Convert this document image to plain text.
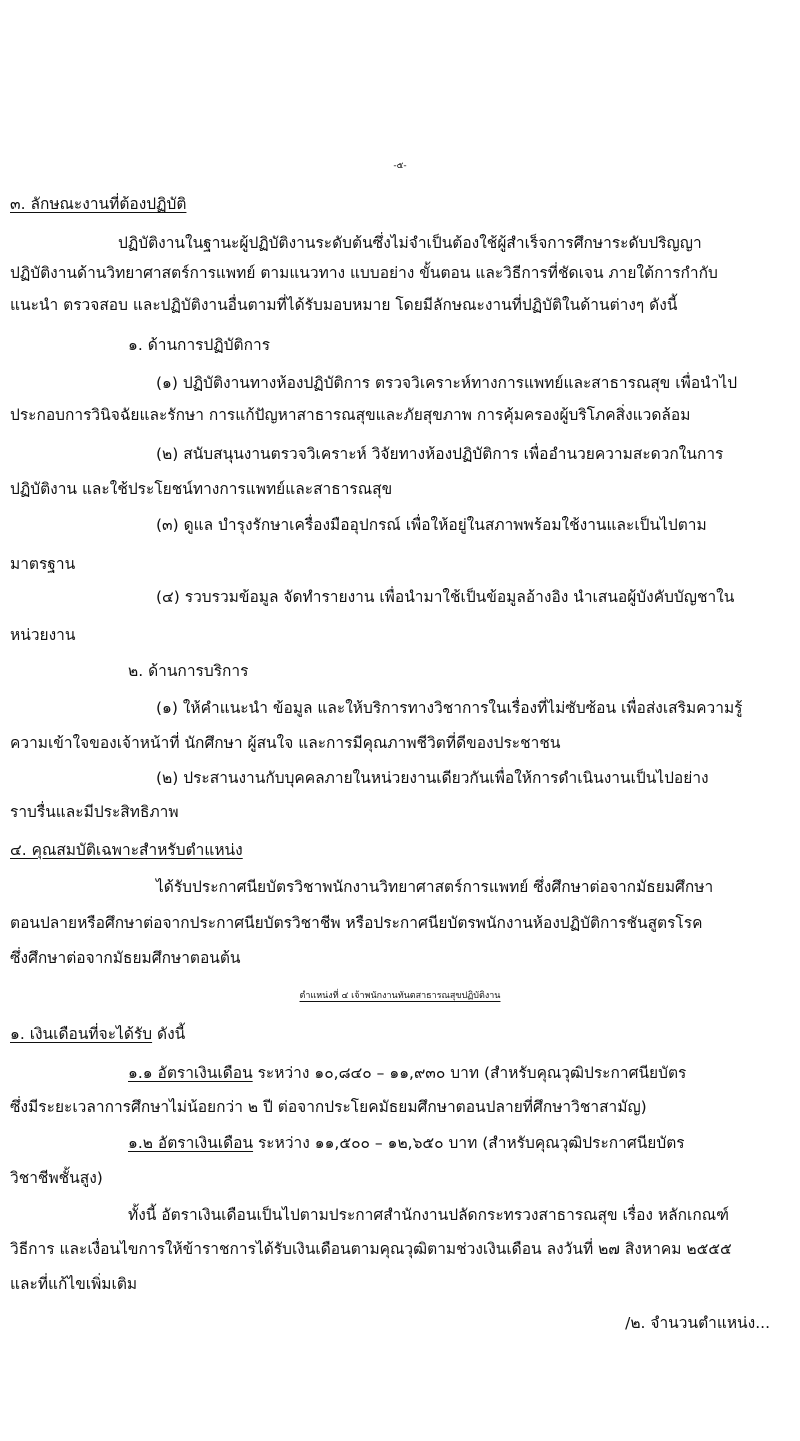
-๕-
๓. ลักษณะงานที่ต้องปฏิบัติ
ปฏิบัติงานในฐานะผู้ปฏิบัติงานระดับต้นซึ่งไม่จำเป็นต้องใช้ผู้สำเร็จการศึกษาระดับปริญญา
ปฏิบัติงานด้านวิทยาศาสตร์การแพทย์ ตามแนวทาง แบบอย่าง ขั้นตอน และวิธีการที่ชัดเจน ภายใต้การกำกับ
แนะนำ ตรวจสอบ และปฏิบัติงานอื่นตามที่ได้รับมอบหมาย โดยมีลักษณะงานที่ปฏิบัติในด้านต่างๆ ดังนี้
๑. ด้านการปฏิบัติการ
(๑) ปฏิบัติงานทางห้องปฏิบัติการ ตรวจวิเคราะห์ทางการแพทย์และสาธารณสุข เพื่อนำไป
ประกอบการวินิจฉัยและรักษา การแก้ปัญหาสาธารณสุขและภัยสุขภาพ การคุ้มครองผู้บริโภคสิ่งแวดล้อม
(๒) สนับสนุนงานตรวจวิเคราะห์ วิจัยทางห้องปฏิบัติการ เพื่ออำนวยความสะดวกในการ
ปฏิบัติงาน และใช้ประโยชน์ทางการแพทย์และสาธารณสุข
(๓) ดูแล บำรุงรักษาเครื่องมืออุปกรณ์ เพื่อให้อยู่ในสภาพพร้อมใช้งานและเป็นไปตาม
มาตรฐาน
(๔) รวบรวมข้อมูล จัดทำรายงาน เพื่อนำมาใช้เป็นข้อมูลอ้างอิง นำเสนอผู้บังคับบัญชาใน
หน่วยงาน
๒. ด้านการบริการ
(๑) ให้คำแนะนำ ข้อมูล และให้บริการทางวิชาการในเรื่องที่ไม่ซับซ้อน เพื่อส่งเสริมความรู้
ความเข้าใจของเจ้าหน้าที่ นักศึกษา ผู้สนใจ และการมีคุณภาพชีวิตที่ดีของประชาชน
(๒) ประสานงานกับบุคคลภายในหน่วยงานเดียวกันเพื่อให้การดำเนินงานเป็นไปอย่าง
ราบรื่นและมีประสิทธิภาพ
๔. คุณสมบัติเฉพาะสำหรับตำแหน่ง
ได้รับประกาศนียบัตรวิชาพนักงานวิทยาศาสตร์การแพทย์ ซึ่งศึกษาต่อจากมัธยมศึกษา
ตอนปลายหรือศึกษาต่อจากประกาศนียบัตรวิชาชีพ หรือประกาศนียบัตรพนักงานห้องปฏิบัติการชันสูตรโรค
ซึ่งศึกษาต่อจากมัธยมศึกษาตอนต้น
ตำแหน่งที่ ๔ เจ้าพนักงานทันตสาธารณสุขปฏิบัติงาน
๑. เงินเดือนที่จะได้รับ ดังนี้
๑.๑ อัตราเงินเดือน ระหว่าง ๑๐,๘๔๐ – ๑๑,๙๓๐ บาท (สำหรับคุณวุฒิประกาศนียบัตร
ซึ่งมีระยะเวลาการศึกษาไม่น้อยกว่า ๒ ปี ต่อจากประโยคมัธยมศึกษาตอนปลายที่ศึกษาวิชาสามัญ)
๑.๒ อัตราเงินเดือน ระหว่าง ๑๑,๕๐๐ – ๑๒,๖๕๐ บาท (สำหรับคุณวุฒิประกาศนียบัตร
วิชาชีพชั้นสูง)
ทั้งนี้ อัตราเงินเดือนเป็นไปตามประกาศสำนักงานปลัดกระทรวงสาธารณสุข เรื่อง หลักเกณฑ์
วิธีการ และเงื่อนไขการให้ข้าราชการได้รับเงินเดือนตามคุณวุฒิตามช่วงเงินเดือน ลงวันที่ ๒๗ สิงหาคม ๒๕๕๕
และที่แก้ไขเพิ่มเติม
/๒. จำนวนตำแหน่ง...
